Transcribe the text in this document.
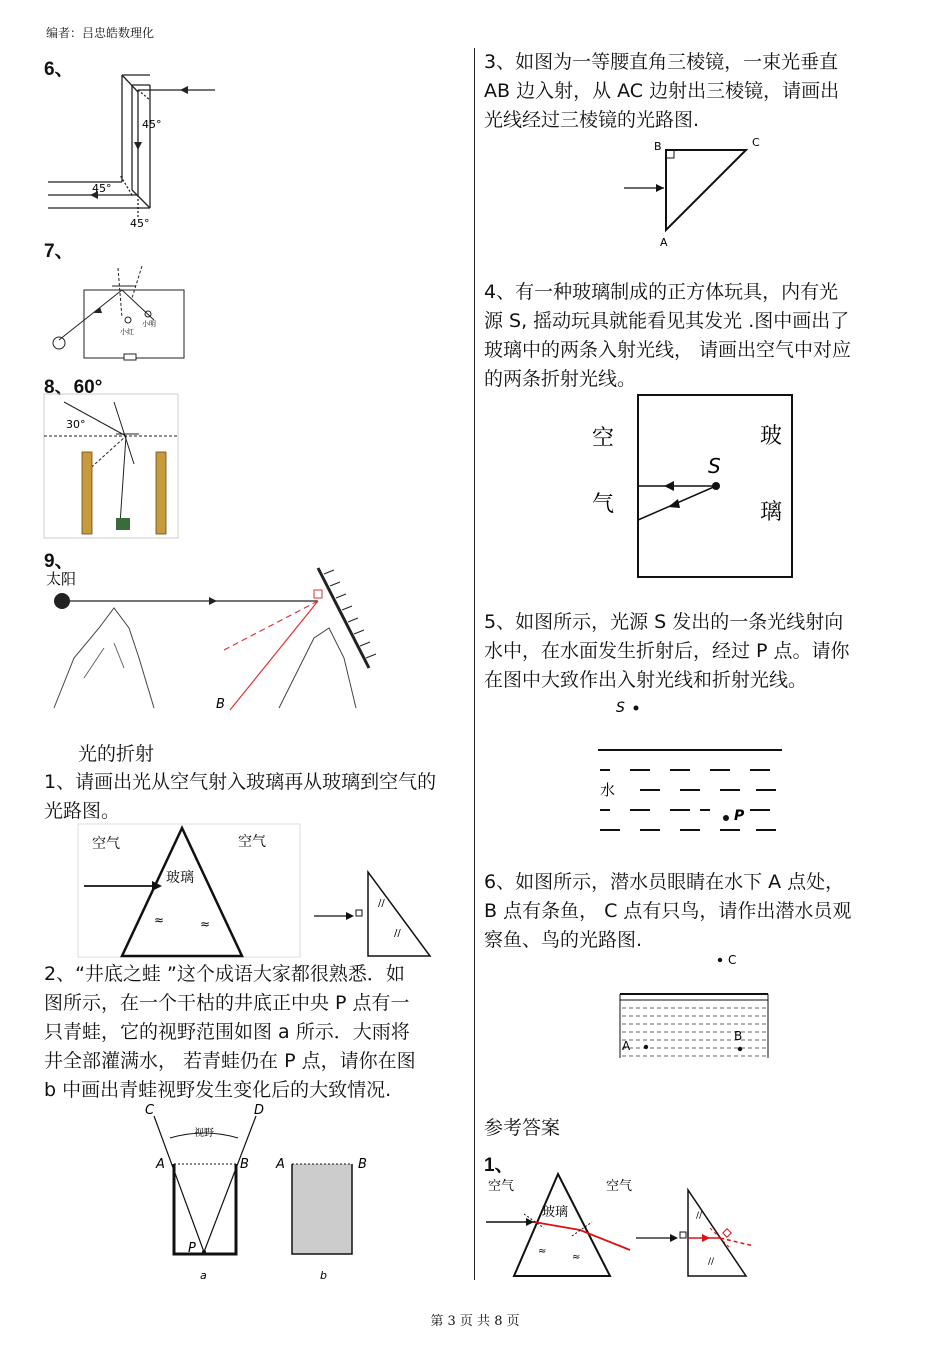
编者：吕忠皓数理化
6、
45°
45°
45°
7、
小红
小明
8、60°
30°
9、
太阳
B
光的折射
1、请画出光从空气射入玻璃再从玻璃到空气的光路图。
空气	空气
玻璃
≈	≈
//
//
2、“井底之蛙 ”这个成语大家都很熟悉．如
图所示，在一个干枯的井底正中央 P 点有一
只青蛙，它的视野范围如图 a 所示．大雨将
井全部灌满水， 若青蛙仍在 P 点，请你在图
b 中画出青蛙视野发生变化后的大致情况.
C	D
A	B
P
A	B
视野
a	b
3、如图为一等腰直角三棱镜，一束光垂直
AB 边入射，从 AC 边射出三棱镜，请画出
光线经过三棱镜的光路图.
B	C
A
4、有一种玻璃制成的正方体玩具，内有光
源 S, 摇动玩具就能看见其发光 .图中画出了
玻璃中的两条入射光线， 请画出空气中对应
的两条折射光线。
空
气
玻
璃
S
5、如图所示，光源 S 发出的一条光线射向
水中，在水面发生折射后，经过 P 点。请你
在图中大致作出入射光线和折射光线。
S
水
P
6、如图所示，潜水员眼睛在水下 A 点处，
B 点有条鱼， C 点有只鸟，请作出潜水员观
察鱼、鸟的光路图.
C
A
B
参考答案
1、
空气	空气
玻璃
≈
≈
//
//
第 3 页 共 8 页
